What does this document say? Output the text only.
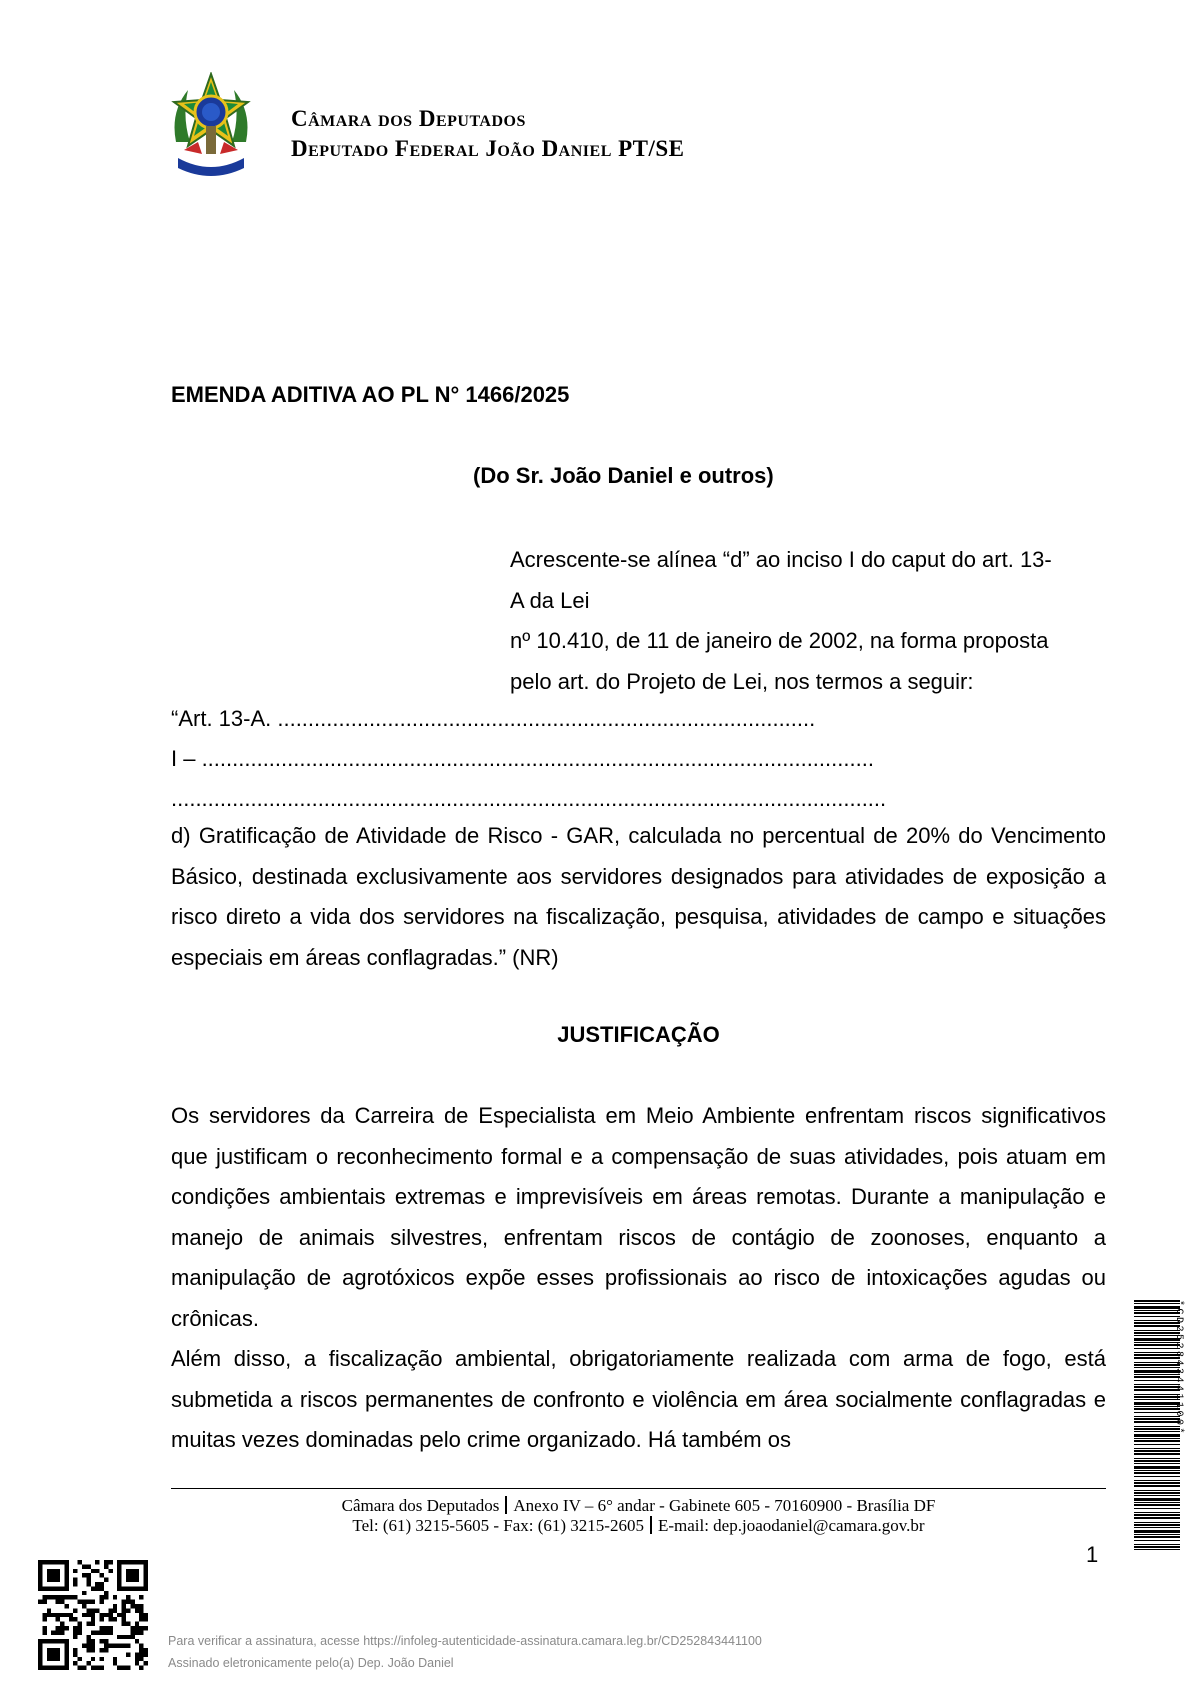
Câmara dos Deputados
Deputado Federal João Daniel PT/SE
EMENDA ADITIVA AO PL N° 1466/2025
(Do Sr. João Daniel e outros)
Acrescente-se alínea “d” ao inciso I do caput do art. 13-
A da Lei
nº 10.410, de 11 de janeiro de 2002, na forma proposta
pelo art. do Projeto de Lei, nos termos a seguir:
“Art. 13-A. ........................................................................................
I – ..............................................................................................................
.....................................................................................................................

d) Gratificação de Atividade de Risco - GAR, calculada no percentual de 20% do Vencimento Básico, destinada exclusivamente aos servidores designados para atividades de exposição a risco direto a vida dos servidores na fiscalização, pesquisa, atividades de campo e situações especiais em áreas conflagradas.” (NR)

JUSTIFICAÇÃO

Os servidores da Carreira de Especialista em Meio Ambiente enfrentam riscos significativos que justificam o reconhecimento formal e a compensação de suas atividades, pois atuam em condições ambientais extremas e imprevisíveis em áreas remotas. Durante a manipulação e manejo de animais silvestres, enfrentam riscos de contágio de zoonoses, enquanto a manipulação de agrotóxicos expõe esses profissionais ao risco de intoxicações agudas ou crônicas.

Além disso, a fiscalização ambiental, obrigatoriamente realizada com arma de fogo, está submetida a riscos permanentes de confronto e violência em área socialmente conflagradas e muitas vezes dominadas pelo crime organizado. Há também os

Câmara dos Deputados Anexo IV – 6° andar - Gabinete 605 - 70160900 - Brasília DF
Tel: (61) 3215-5605 - Fax: (61) 3215-2605 E-mail: dep.joaodaniel@camara.gov.br
1
*CD252843441100*
Para verificar a assinatura, acesse https://infoleg-autenticidade-assinatura.camara.leg.br/CD252843441100
Assinado eletronicamente pelo(a) Dep. João Daniel
